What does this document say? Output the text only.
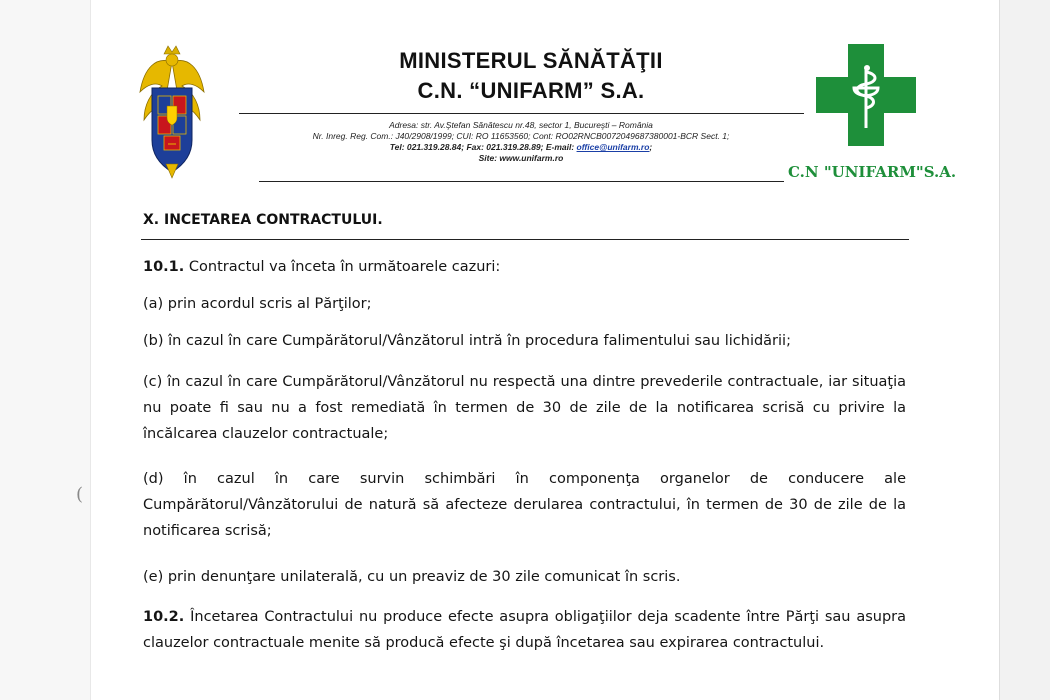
(
MINISTERUL SĂNĂTĂŢII
C.N. “UNIFARM” S.A.
Adresa: str. Av.Ştefan Sănătescu nr.48, sector 1, Bucureşti – România
Nr. Inreg. Reg. Com.: J40/2908/1999; CUI: RO 11653560; Cont: RO02RNCB0072049687380001-BCR Sect. 1;
Tel: 021.319.28.84; Fax: 021.319.28.89; E-mail: office@unifarm.ro;
Site: www.unifarm.ro
C.N "UNIFARM"S.A.
X. INCETAREA CONTRACTULUI.
10.1. Contractul va înceta în următoarele cazuri:
(a) prin acordul scris al Părţilor;
(b) în cazul în care Cumpărătorul/Vânzătorul intră în procedura falimentului sau lichidării;
(c) în cazul în care Cumpărătorul/Vânzătorul nu respectă una dintre prevederile contractuale, iar situaţia nu poate fi sau nu a fost remediată în termen de 30 de zile de la notificarea scrisă cu privire la încălcarea clauzelor contractuale;
(d) în cazul în care survin schimbări în componenţa organelor de conducere ale Cumpărătorul/Vânzătorului de natură să afecteze derularea contractului, în termen de 30 de zile de la notificarea scrisă;
(e) prin denunţare unilaterală, cu un preaviz de 30 zile comunicat în scris.
10.2. Încetarea Contractului nu produce efecte asupra obligaţiilor deja scadente între Părţi sau asupra clauzelor contractuale menite să producă efecte şi după încetarea sau expirarea contractului.
